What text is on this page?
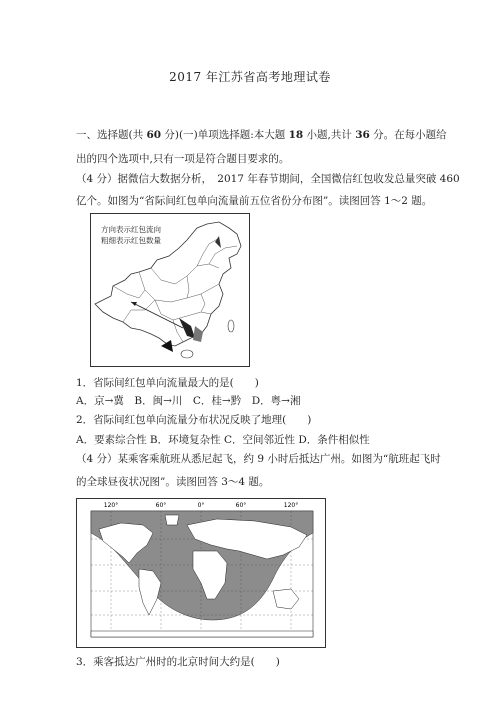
2017 年江苏省高考地理试卷
一、选择题(共 60 分)(一)单项选择题:本大题 18 小题,共计 36 分。在每小题给
出的四个选项中,只有一项是符合题目要求的。
（4 分）据微信大数据分析，　2017 年春节期间，全国微信红包收发总量突破 460
亿个。如图为“省际间红包单向流量前五位省份分布图”。读图回答 1～2 题。
方向表示红包流向
粗细表示红包数量
1．省际间红包单向流量最大的是(　　)
A．京→冀　B．闽→川　C．桂→黔　D．粤→湘
2．省际间红包单向流量分布状况反映了地理(　　)
A．要素综合性 B．环境复杂性 C．空间邻近性 D．条件相似性
（4 分）某乘客乘航班从悉尼起飞，约 9 小时后抵达广州。如图为“航班起飞时
的全球昼夜状况图”。读图回答 3～4 题。
120°	60°	0°	60°	120°
3．乘客抵达广州时的北京时间大约是(　　)
